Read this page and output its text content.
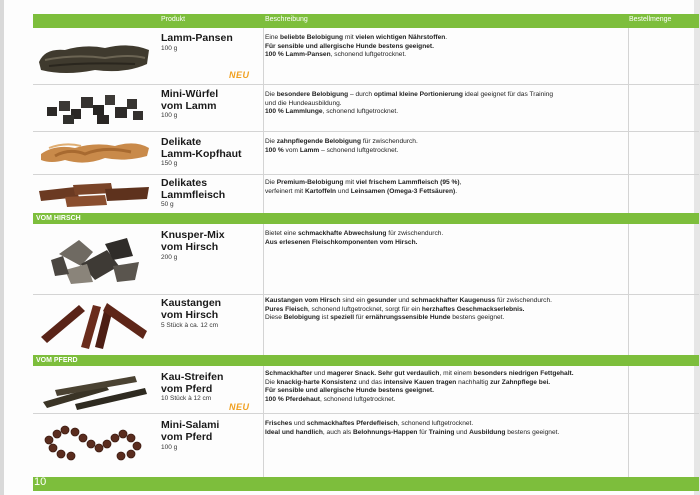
Produkt	Beschreibung	Bestellmenge
Lamm-Pansen
100 g
Eine beliebte Belobigung mit vielen wichtigen Nährstoffen.
Für sensible und allergische Hunde bestens geeignet.
100 % Lamm-Pansen, schonend luftgetrocknet.
NEU
Mini-Würfel
vom Lamm
100 g
Die besondere Belobigung – durch optimal kleine Portionierung ideal geeignet für das Training
und die Hundeausbildung.
100 % Lammlunge, schonend luftgetrocknet.
Delikate
Lamm-Kopfhaut
150 g
Die zahnpflegende Belobigung für zwischendurch.
100 % vom Lamm – schonend luftgetrocknet.
Delikates
Lammfleisch
50 g
Die Premium-Belobigung mit viel frischem Lammfleisch (95 %),
verfeinert mit Kartoffeln und Leinsamen (Omega-3 Fettsäuren).
VOM HIRSCH
Knusper-Mix
vom Hirsch
200 g
Bietet eine schmackhafte Abwechslung für zwischendurch.
Aus erlesenen Fleischkomponenten vom Hirsch.
Kaustangen
vom Hirsch
5 Stück à ca. 12 cm
Kaustangen vom Hirsch sind ein gesunder und schmackhafter Kaugenuss für zwischendurch.
Pures Fleisch, schonend luftgetrocknet, sorgt für ein herzhaftes Geschmackserlebnis.
Diese Belobigung ist speziell für ernährungssensible Hunde bestens geeignet.
VOM PFERD
Kau-Streifen
vom Pferd
10 Stück à 12 cm
Schmackhafter und magerer Snack. Sehr gut verdaulich, mit einem besonders niedrigen Fettgehalt.
Die knackig-harte Konsistenz und das intensive Kauen tragen nachhaltig zur Zahnpflege bei.
Für sensible und allergische Hunde bestens geeignet.
100 % Pferdehaut, schonend luftgetrocknet.
NEU
Mini-Salami
vom Pferd
100 g
Frisches und schmackhaftes Pferdefleisch, schonend luftgetrocknet.
Ideal und handlich, auch als Belohnungs-Happen für Training und Ausbildung bestens geeignet.
10
